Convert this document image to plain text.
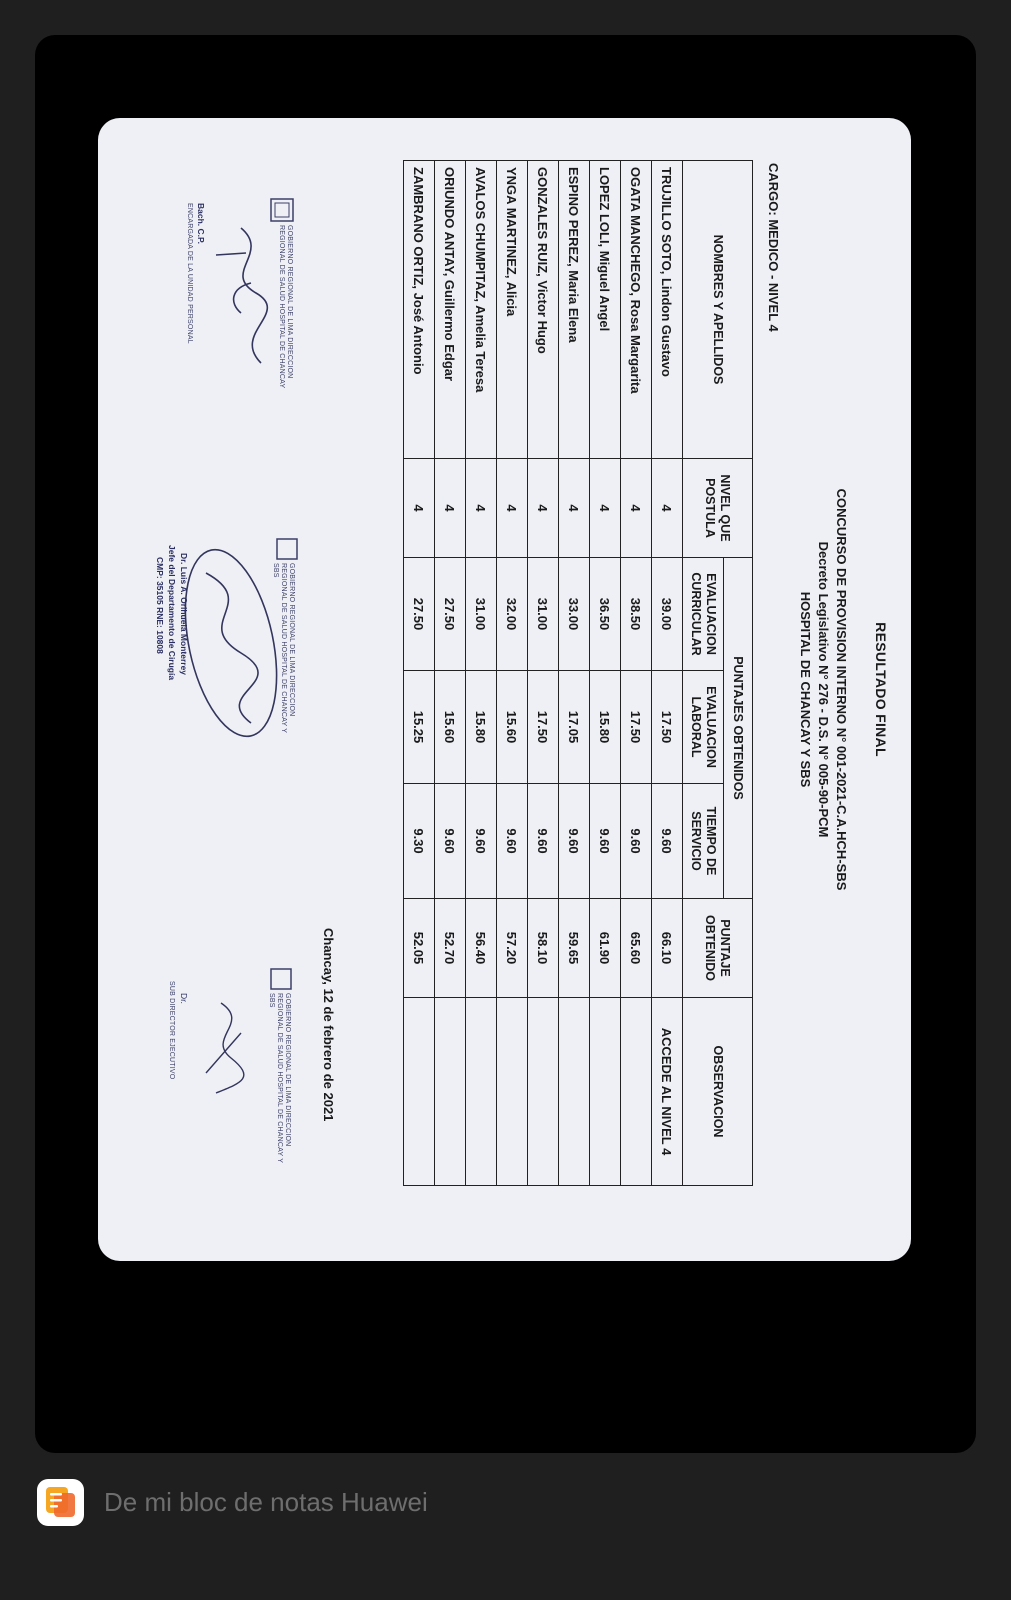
RESULTADO FINAL
CONCURSO DE PROVISION INTERNO N° 001-2021-C.A.HCH-SBS
Decreto Legislativo N° 276 - D.S. N° 005-90-PCM
HOSPITAL DE CHANCAY Y SBS
CARGO: MEDICO - NIVEL 4
NOMBRES Y APELLIDOS	NIVEL QUE POSTULA	PUNTAJES OBTENIDOS			PUNTAJE OBTENIDO	OBSERVACION
		EVALUACION CURRICULAR	EVALUACION LABORAL	TIEMPO DE SERVICIO		
TRUJILLO SOTO, Lindon Gustavo	4	39.00	17.50	9.60	66.10	ACCEDE AL NIVEL 4
OGATA MANCHEGO, Rosa Margarita	4	38.50	17.50	9.60	65.60	
LOPEZ LOLI, Miguel Angel	4	36.50	15.80	9.60	61.90	
ESPINO PEREZ, Maria Elena	4	33.00	17.05	9.60	59.65	
GONZALES RUIZ, Victor Hugo	4	31.00	17.50	9.60	58.10	
YNGA MARTINEZ, Alicia	4	32.00	15.60	9.60	57.20	
AVALOS CHUMPITAZ, Amelia Teresa	4	31.00	15.80	9.60	56.40	
ORIUNDO ANTAY, Guillermo Edgar	4	27.50	15.60	9.60	52.70	
ZAMBRANO ORTIZ, José Antonio	4	27.50	15.25	9.30	52.05	
Chancay, 12 de febrero de 2021
GOBIERNO REGIONAL DE LIMA DIRECCION REGIONAL DE SALUD HOSPITAL DE CHANCAY
Bach. C.P.
ENCARGADA DE LA UNIDAD PERSONAL
GOBIERNO REGIONAL DE LIMA DIRECCION REGIONAL DE SALUD HOSPITAL DE CHANCAY Y SBS
Dr. Luis A. Orihuela Monterrey
Jefe del Departamento de Cirugía
CMP: 35105 RNE: 10808
GOBIERNO REGIONAL DE LIMA DIRECCION REGIONAL DE SALUD HOSPITAL DE CHANCAY Y SBS
Dr.
SUB DIRECTOR EJECUTIVO
De mi bloc de notas Huawei
